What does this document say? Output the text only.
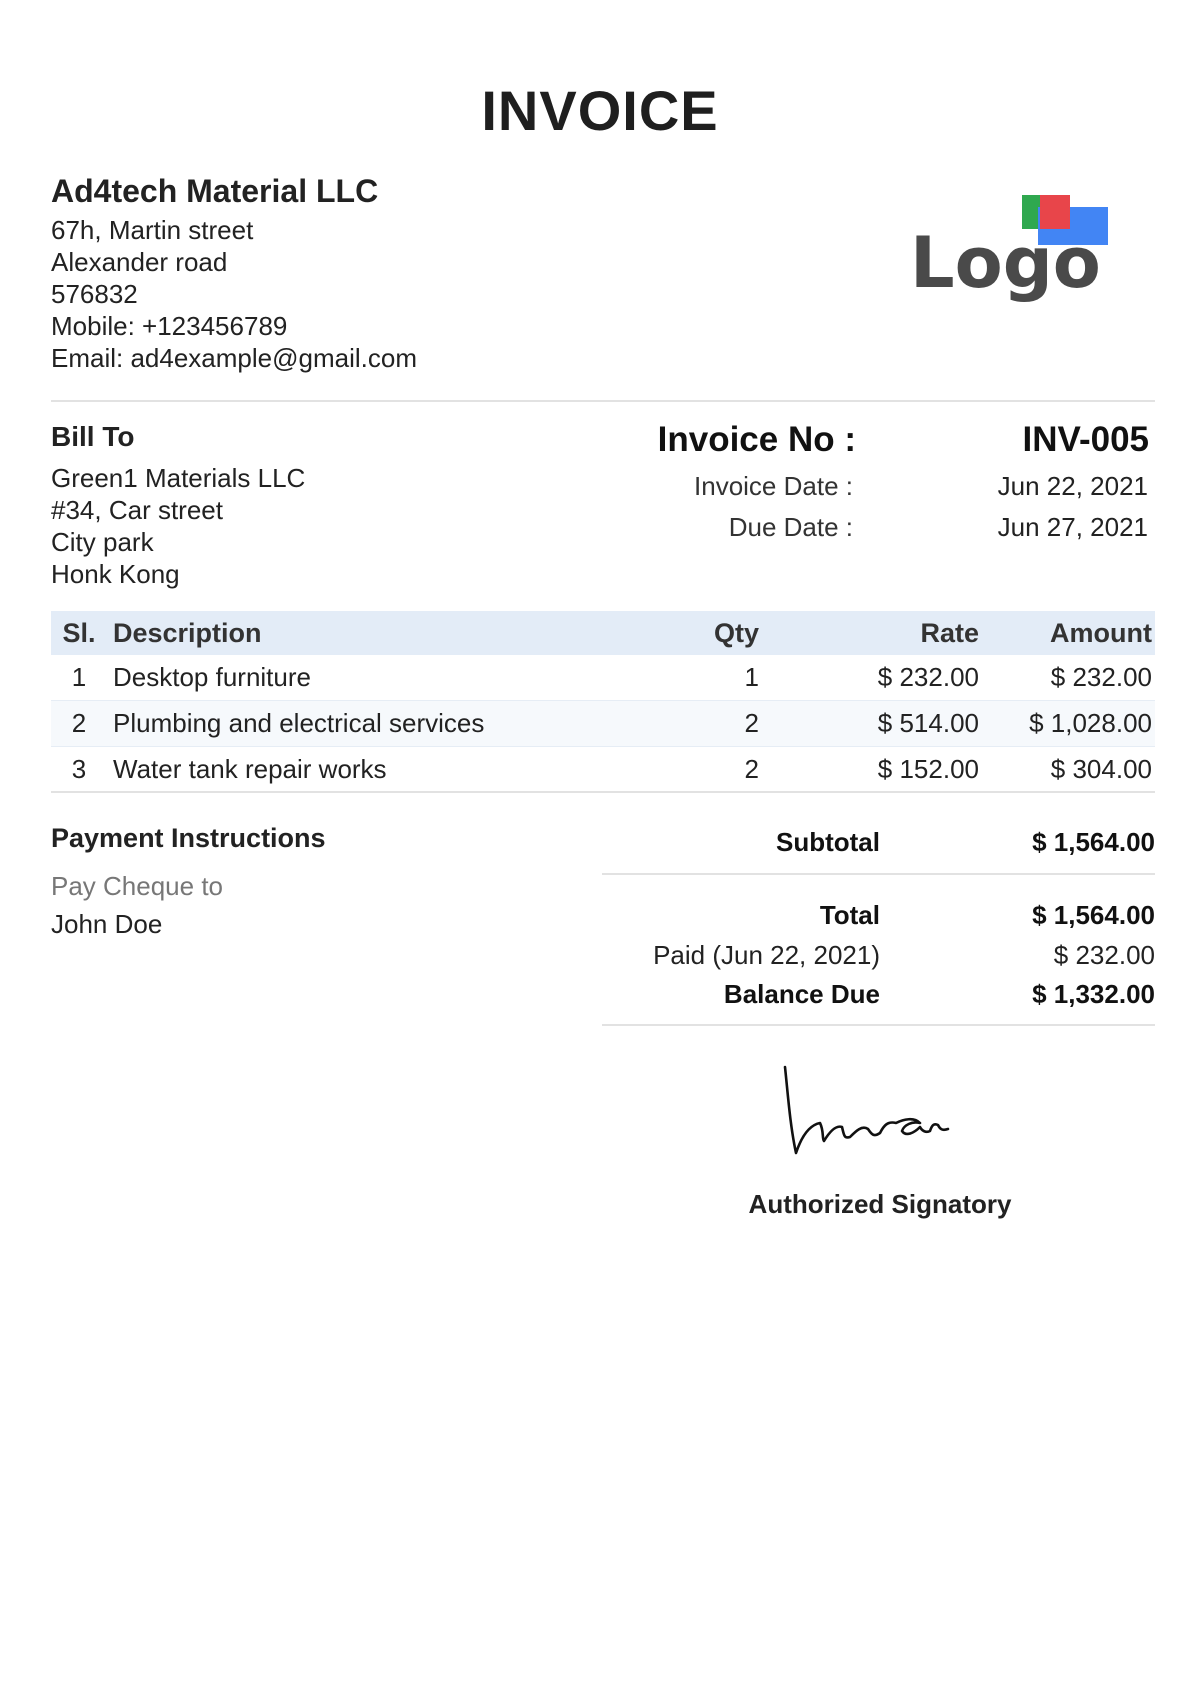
INVOICE
Ad4tech Material LLC
67h, Martin street
Alexander road
576832
Mobile: +123456789
Email: ad4example@gmail.com
Logo
Bill To
Green1 Materials LLC
#34, Car street
City park
Honk Kong
Invoice No :	INV-005
Invoice Date :	Jun 22, 2021
Due Date :	Jun 27, 2021
Sl. Description	Qty	Rate	Amount
1	Desktop furniture	1	$ 232.00	$ 232.00
2	Plumbing and electrical services	2	$ 514.00	$ 1,028.00
3	Water tank repair works	2	$ 152.00	$ 304.00
Payment Instructions
Pay Cheque to
John Doe
Subtotal	$ 1,564.00
Total	$ 1,564.00
Paid (Jun 22, 2021)	$ 232.00
Balance Due	$ 1,332.00
Authorized Signatory
